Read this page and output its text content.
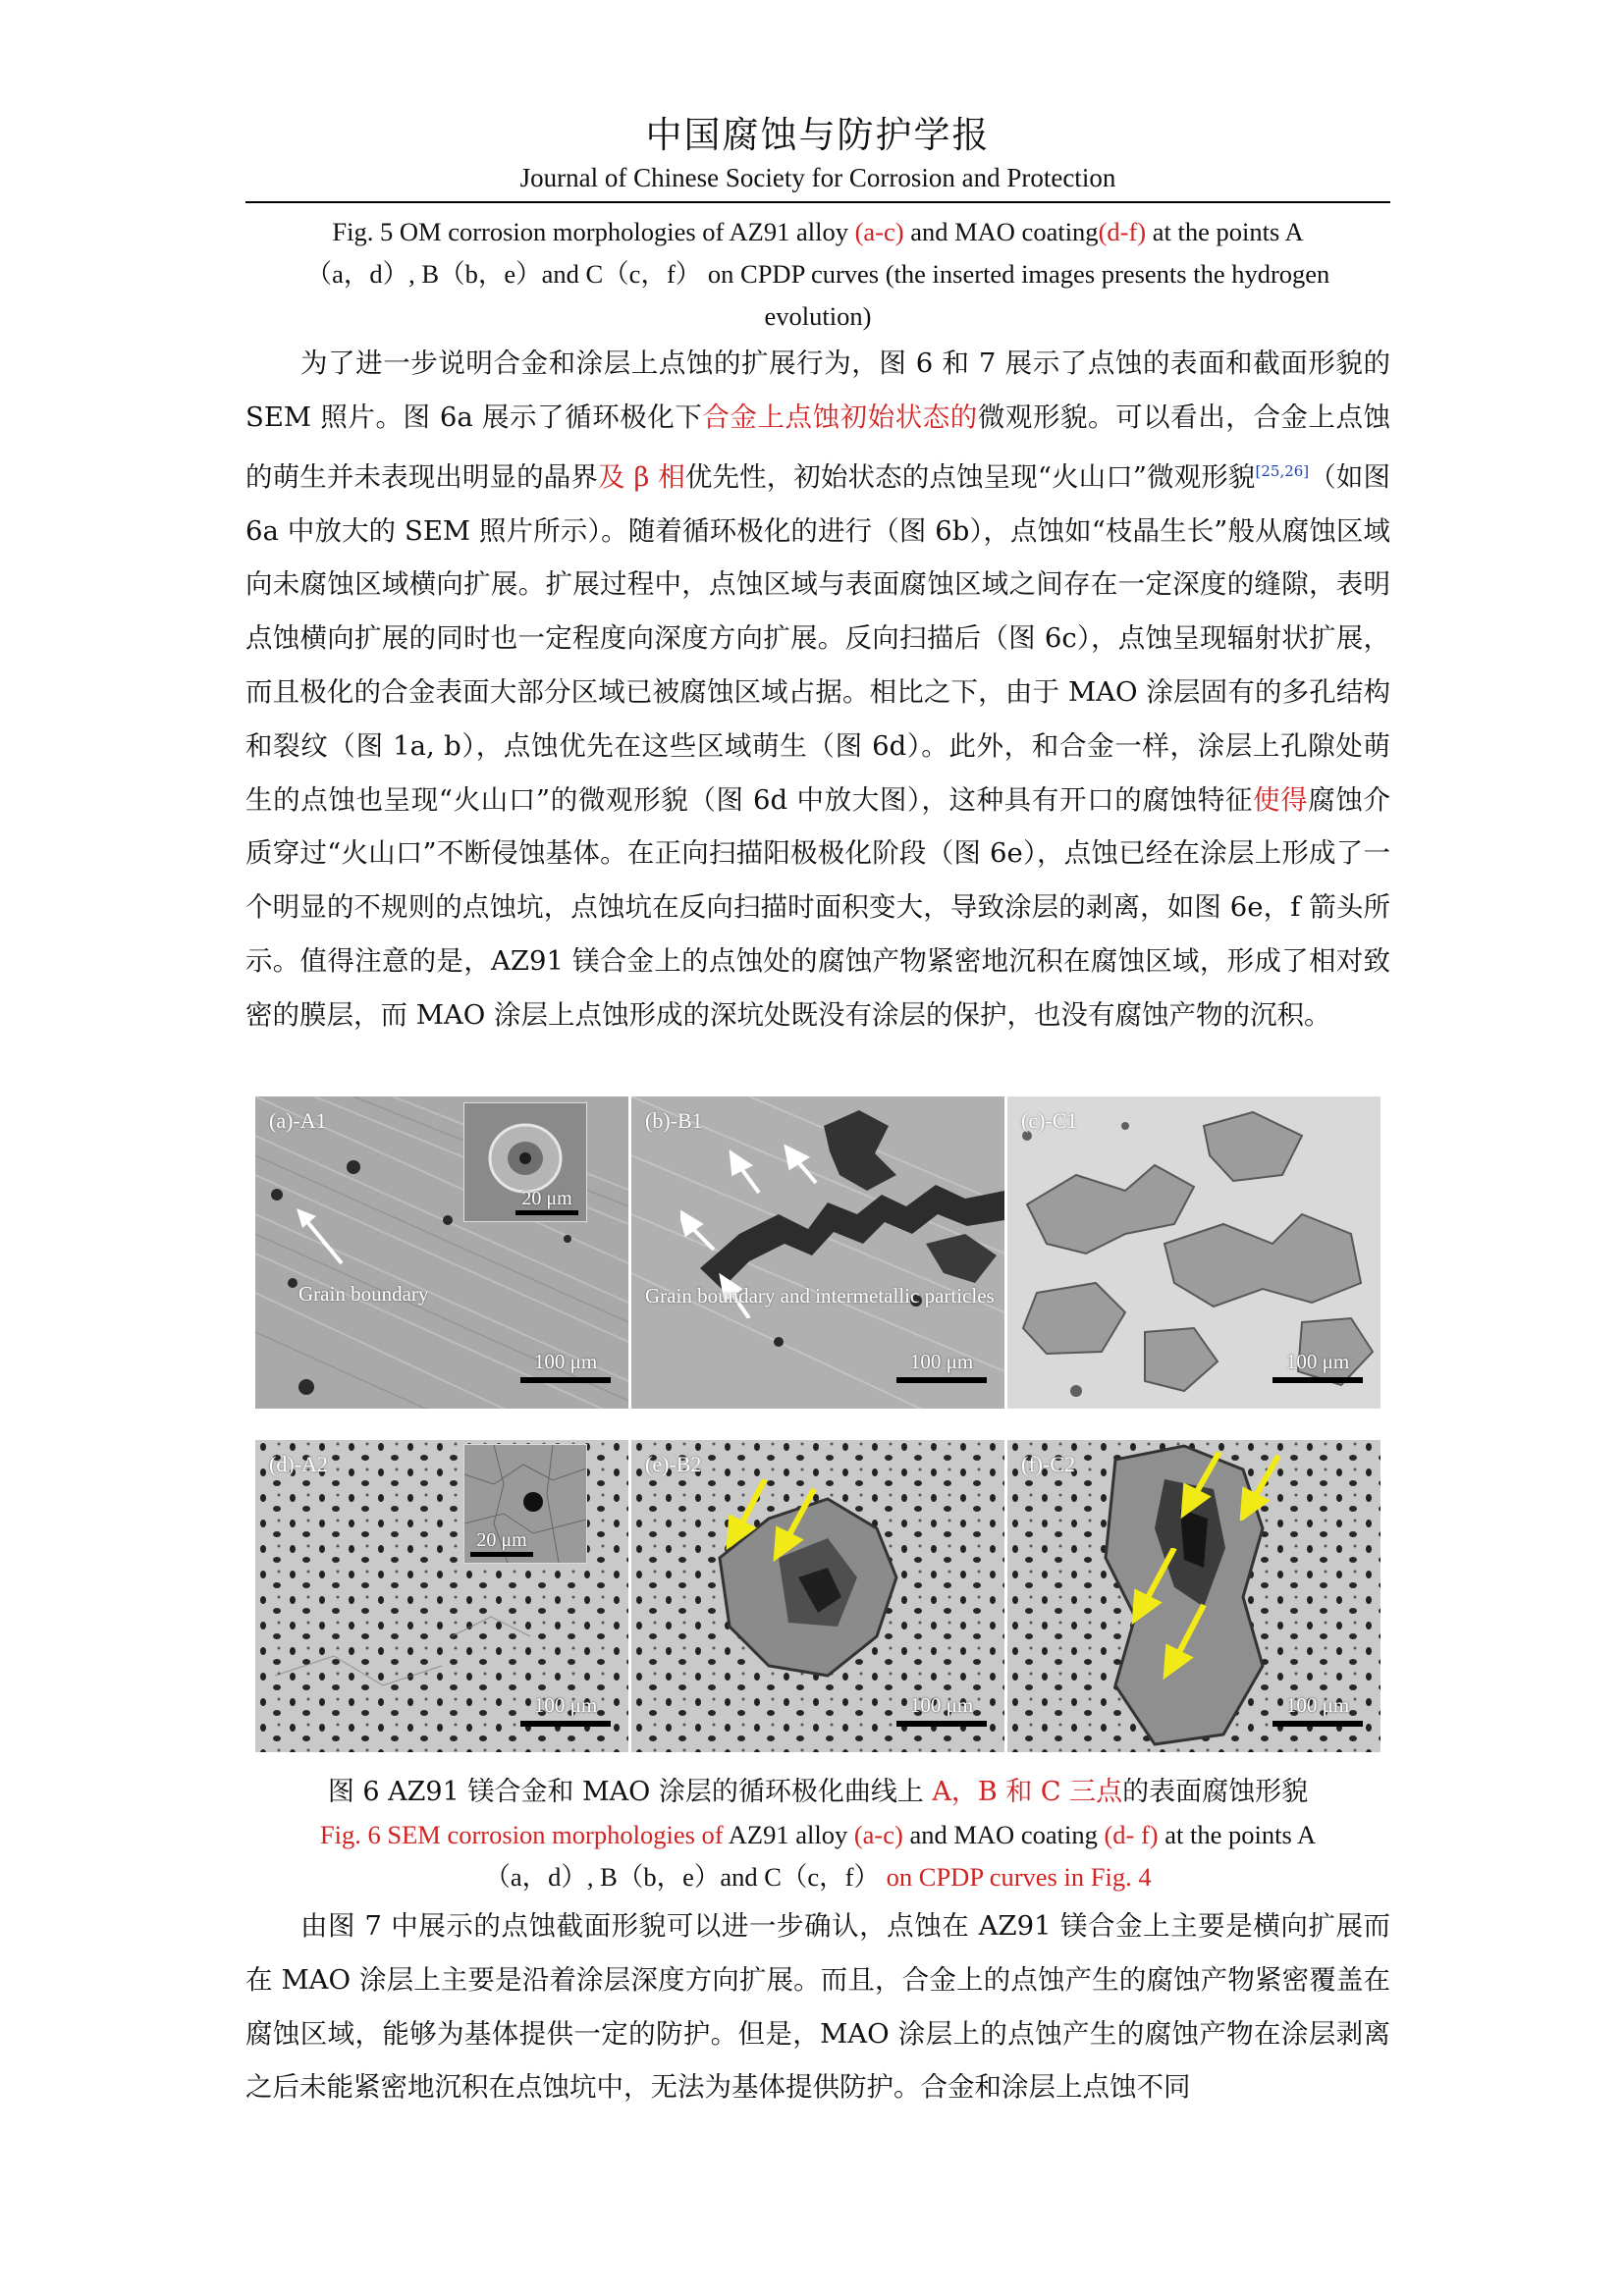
中国腐蚀与防护学报
Journal of Chinese Society for Corrosion and Protection
Fig. 5 OM corrosion morphologies of AZ91 alloy (a-c) and MAO coating(d-f) at the points A
（a，d）, B（b，e）and C（c，f） on CPDP curves (the inserted images presents the hydrogen
evolution)

为了进一步说明合金和涂层上点蚀的扩展行为，图 6 和 7 展示了点蚀的表面和截面形貌的 SEM 照片。图 6a 展示了循环极化下合金上点蚀初始状态的微观形貌。可以看出，合金上点蚀的萌生并未表现出明显的晶界及 β 相优先性，初始状态的点蚀呈现“火山口”微观形貌[25,26]（如图 6a 中放大的 SEM 照片所示）。随着循环极化的进行（图 6b），点蚀如“枝晶生长”般从腐蚀区域向未腐蚀区域横向扩展。扩展过程中，点蚀区域与表面腐蚀区域之间存在一定深度的缝隙，表明点蚀横向扩展的同时也一定程度向深度方向扩展。反向扫描后（图 6c），点蚀呈现辐射状扩展，而且极化的合金表面大部分区域已被腐蚀区域占据。相比之下，由于 MAO 涂层固有的多孔结构和裂纹（图 1a, b），点蚀优先在这些区域萌生（图 6d）。此外，和合金一样，涂层上孔隙处萌生的点蚀也呈现“火山口”的微观形貌（图 6d 中放大图），这种具有开口的腐蚀特征使得腐蚀介质穿过“火山口”不断侵蚀基体。在正向扫描阳极极化阶段（图 6e），点蚀已经在涂层上形成了一个明显的不规则的点蚀坑，点蚀坑在反向扫描时面积变大，导致涂层的剥离，如图 6e，f 箭头所示。值得注意的是，AZ91 镁合金上的点蚀处的腐蚀产物紧密地沉积在腐蚀区域，形成了相对致密的膜层，而 MAO 涂层上点蚀形成的深坑处既没有涂层的保护，也没有腐蚀产物的沉积。

(a)-A1
20 μm
Grain boundary
100 μm
(b)-B1
Grain boundary and intermetallic particles
100 μm
(c)-C1
100 μm
(d)-A2
20 μm
100 μm
(e)-B2
100 μm
(f)-C2
100 μm
图 6 AZ91 镁合金和 MAO 涂层的循环极化曲线上 A，B 和 C 三点的表面腐蚀形貌
Fig. 6 SEM corrosion morphologies of AZ91 alloy (a-c) and MAO coating (d- f) at the points A
（a，d）, B（b，e）and C（c，f） on CPDP curves in Fig. 4

由图 7 中展示的点蚀截面形貌可以进一步确认，点蚀在 AZ91 镁合金上主要是横向扩展而在 MAO 涂层上主要是沿着涂层深度方向扩展。而且，合金上的点蚀产生的腐蚀产物紧密覆盖在腐蚀区域，能够为基体提供一定的防护。但是，MAO 涂层上的点蚀产生的腐蚀产物在涂层剥离之后未能紧密地沉积在点蚀坑中，无法为基体提供防护。合金和涂层上点蚀不同
